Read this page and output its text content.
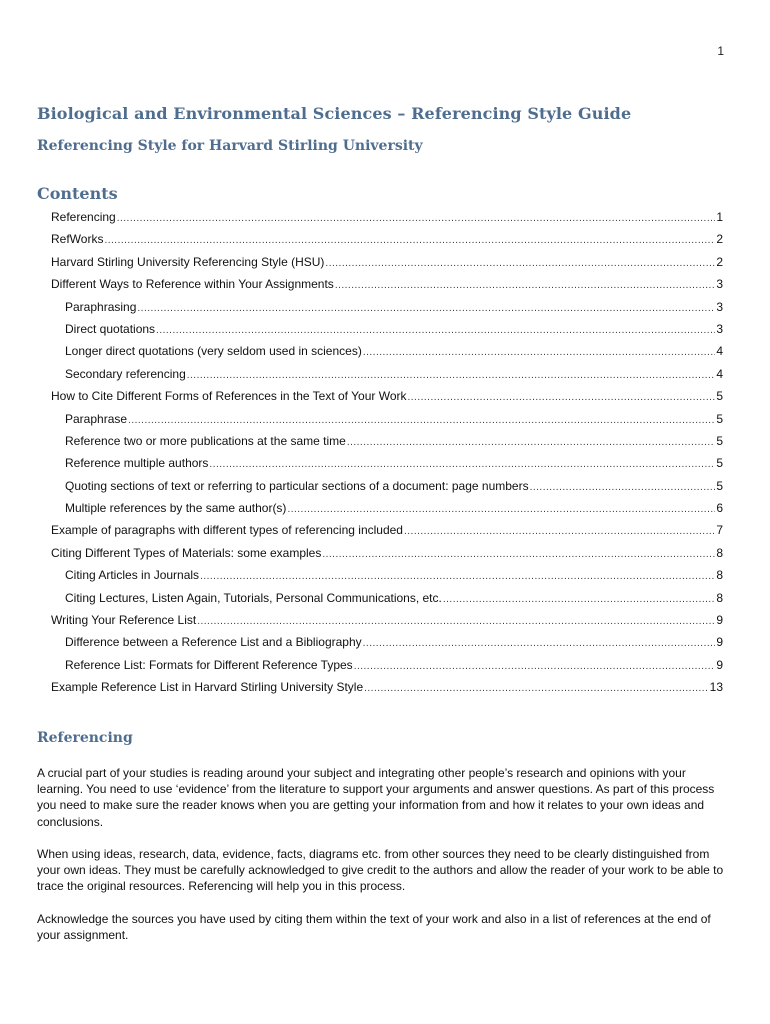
1
Biological and Environmental Sciences – Referencing Style Guide
Referencing Style for Harvard Stirling University
Contents
Referencing .....	1
RefWorks .....	2
Harvard Stirling University Referencing Style (HSU) .....	2
Different Ways to Reference within Your Assignments .....	3
Paraphrasing .....	3
Direct quotations .....	3
Longer direct quotations (very seldom used in sciences) .....	4
Secondary referencing .....	4
How to Cite Different Forms of References in the Text of Your Work .....	5
Paraphrase .....	5
Reference two or more publications at the same time .....	5
Reference multiple authors .....	5
Quoting sections of text or referring to particular sections of a document: page numbers .....	5
Multiple references by the same author(s) .....	6
Example of paragraphs with different types of referencing included .....	7
Citing Different Types of Materials: some examples .....	8
Citing Articles in Journals .....	8
Citing Lectures, Listen Again, Tutorials, Personal Communications, etc. .....	8
Writing Your Reference List .....	9
Difference between a Reference List and a Bibliography .....	9
Reference List: Formats for Different Reference Types .....	9
Example Reference List in Harvard Stirling University Style .....	13
Referencing

A crucial part of your studies is reading around your subject and integrating other people’s research and opinions with your learning. You need to use ‘evidence’ from the literature to support your arguments and answer questions. As part of this process you need to make sure the reader knows when you are getting your information from and how it relates to your own ideas and conclusions.

When using ideas, research, data, evidence, facts, diagrams etc. from other sources they need to be clearly distinguished from your own ideas. They must be carefully acknowledged to give credit to the authors and allow the reader of your work to be able to trace the original resources. Referencing will help you in this process.

Acknowledge the sources you have used by citing them within the text of your work and also in a list of references at the end of your assignment.
